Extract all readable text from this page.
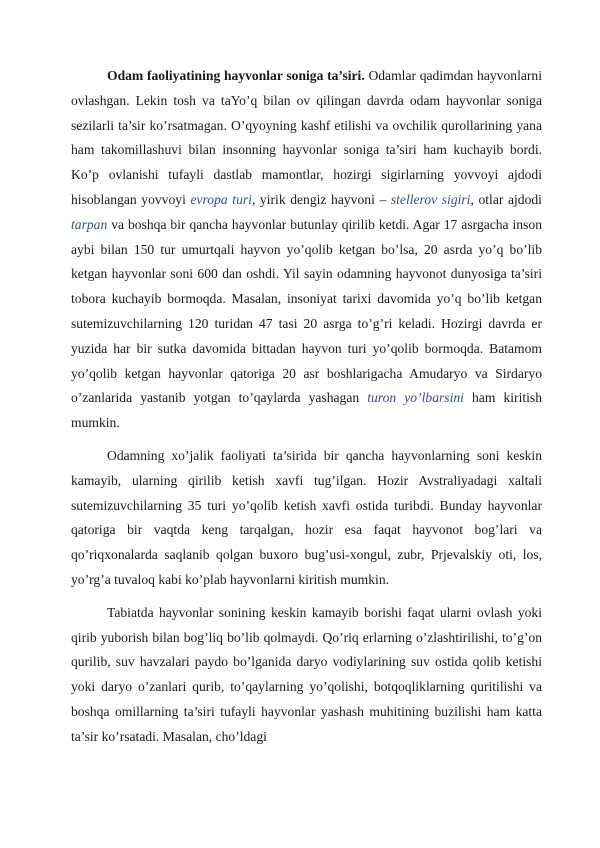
Odam faoliyatining hayvonlar soniga ta’siri. Odamlar qadimdan hayvonlarni ovlashgan. Lekin tosh va taYo’q bilan ov qilingan davrda odam hayvonlar soniga sezilarli ta’sir ko’rsatmagan. O’qyoyning kashf etilishi va ovchilik qurollarining yana ham takomillashuvi bilan insonning hayvonlar soniga ta’siri ham kuchayib bordi. Ko’p ovlanishi tufayli dastlab mamontlar, hozirgi sigirlarning yovvoyi ajdodi hisoblangan yovvoyi evropa turi, yirik dengiz hayvoni – stellerov sigiri, otlar ajdodi tarpan va boshqa bir qancha hayvonlar butunlay qirilib ketdi. Agar 17 asrgacha inson aybi bilan 150 tur umurtqali hayvon yo’qolib ketgan bo’lsa, 20 asrda yo’q bo’lib ketgan hayvonlar soni 600 dan oshdi. Yil sayin odamning hayvonot dunyosiga ta’siri tobora kuchayib bormoqda. Masalan, insoniyat tarixi davomida yo’q bo’lib ketgan sutemizuvchilarning 120 turidan 47 tasi 20 asrga to’g’ri keladi. Hozirgi davrda er yuzida har bir sutka davomida bittadan hayvon turi yo’qolib bormoqda. Batamom yo’qolib ketgan hayvonlar qatoriga 20 asr boshlarigacha Amudaryo va Sirdaryo o’zanlarida yastanib yotgan to’qaylarda yashagan turon yo’lbarsini ham kiritish mumkin.

Odamning xo’jalik faoliyati ta’sirida bir qancha hayvonlarning soni keskin kamayib, ularning qirilib ketish xavfi tug’ilgan. Hozir Avstraliyadagi xaltali sutemizuvchilarning 35 turi yo’qolib ketish xavfi ostida turibdi. Bunday hayvonlar qatoriga bir vaqtda keng tarqalgan, hozir esa faqat hayvonot bog’lari va qo’riqxonalarda saqlanib qolgan buxoro bug’usi-xongul, zubr, Prjevalskiy oti, los, yo’rg’a tuvaloq kabi ko’plab hayvonlarni kiritish mumkin.

Tabiatda hayvonlar sonining keskin kamayib borishi faqat ularni ovlash yoki qirib yuborish bilan bog’liq bo’lib qolmaydi. Qo’riq erlarning o’zlashtirilishi, to’g’on qurilib, suv havzalari paydo bo’lganida daryo vodiylarining suv ostida qolib ketishi yoki daryo o’zanlari qurib, to’qaylarning yo’qolishi, botqoqliklarning quritilishi va boshqa omillarning ta’siri tufayli hayvonlar yashash muhitining buzilishi ham katta ta’sir ko’rsatadi. Masalan, cho’ldagi
